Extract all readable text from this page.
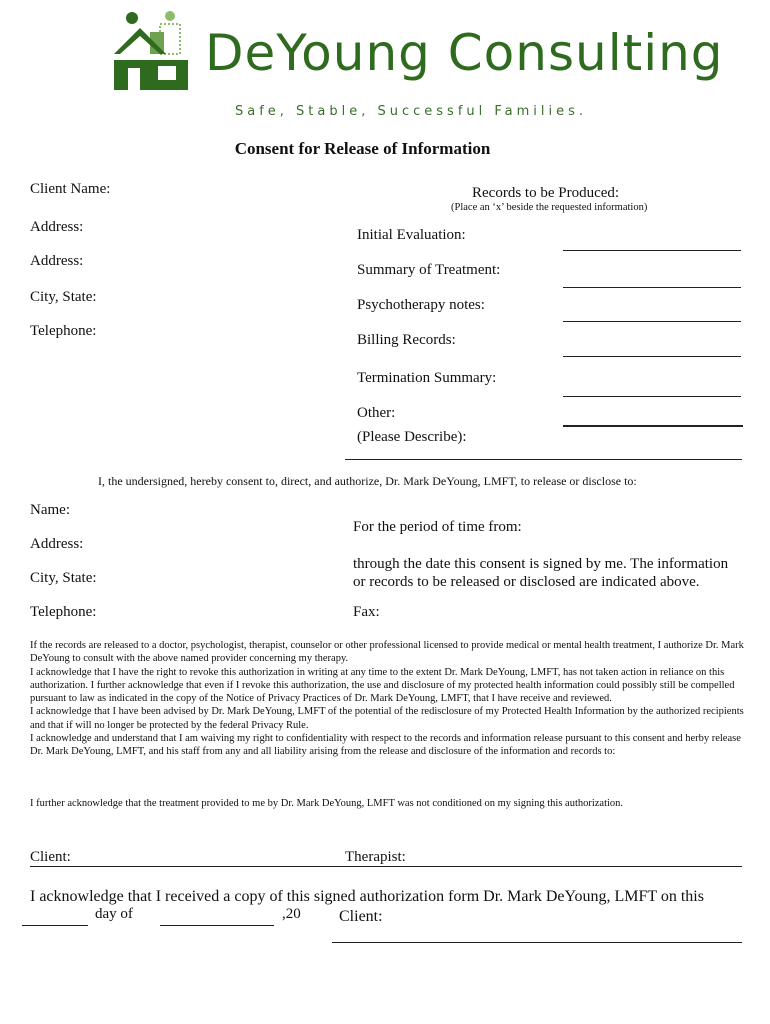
DeYoung Consulting
Safe, Stable, Successful Families.
Consent for Release of Information
Client Name:
Address:
Address:
City, State:
Telephone:
Records to be Produced:
(Place an ‘x’ beside the requested information)
Initial Evaluation:
Summary of Treatment:
Psychotherapy notes:
Billing Records:
Termination Summary:
Other:
(Please Describe):
I, the undersigned, hereby consent to, direct, and authorize, Dr. Mark DeYoung, LMFT, to release or disclose to:
Name:
Address:
City, State:
Telephone:
For the period of time from:
through the date this consent is signed by me. The information or records to be released or disclosed are indicated above.
Fax:

If the records are released to a doctor, psychologist, therapist, counselor or other professional licensed to provide medical or mental health treatment, I authorize Dr. Mark DeYoung to consult with the above named provider concerning my therapy.

I acknowledge that I have the right to revoke this authorization in writing at any time to the extent Dr. Mark DeYoung, LMFT, has not taken action in reliance on this authorization. I further acknowledge that even if I revoke this authorization, the use and disclosure of my protected health information could possibly still be compelled pursuant to law as indicated in the copy of the Notice of Privacy Practices of Dr. Mark DeYoung, LMFT, that I have receive and reviewed.

I acknowledge that I have been advised by Dr. Mark DeYoung, LMFT of the potential of the redisclosure of my Protected Health Information by the authorized recipients and that if will no longer be protected by the federal Privacy Rule.

I acknowledge and understand that I am waiving my right to confidentiality with respect to the records and information release pursuant to this consent and herby release Dr. Mark DeYoung, LMFT, and his staff from any and all liability arising from the release and disclosure of the information and records to:

I further acknowledge that the treatment provided to me by Dr. Mark DeYoung, LMFT was not conditioned on my signing this authorization.
Client:	Therapist:
I acknowledge that I received a copy of this signed authorization form Dr. Mark DeYoung, LMFT on this
day of	,20 Client:
